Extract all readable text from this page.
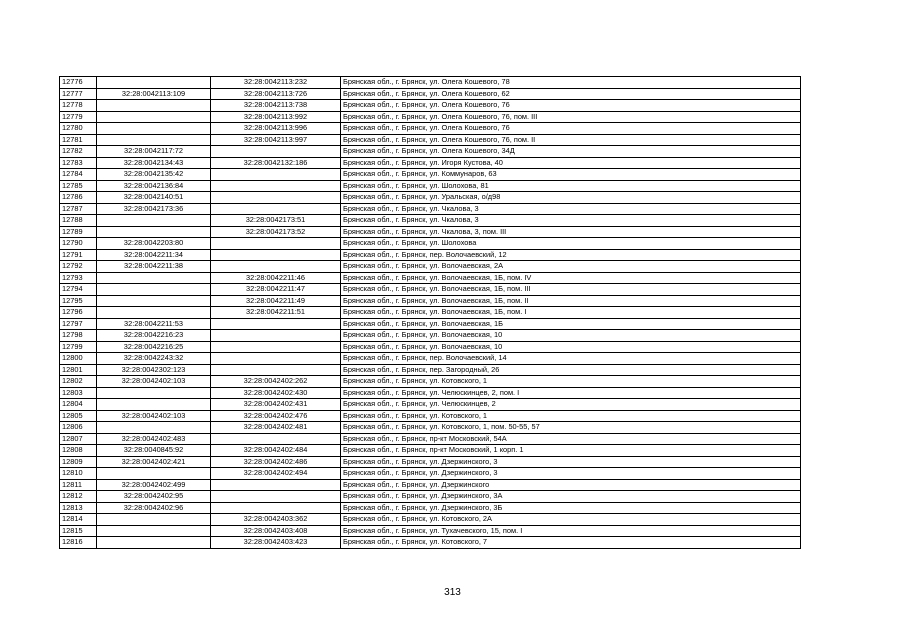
12776		32:28:0042113:232	Брянская обл., г. Брянск, ул. Олега Кошевого, 78
12777	32:28:0042113:109	32:28:0042113:726	Брянская обл., г. Брянск, ул. Олега Кошевого, 62
12778		32:28:0042113:738	Брянская обл., г. Брянск, ул. Олега Кошевого, 76
12779		32:28:0042113:992	Брянская обл., г. Брянск, ул. Олега Кошевого, 76, пом. III
12780		32:28:0042113:996	Брянская обл., г. Брянск, ул. Олега Кошевого, 76
12781		32:28:0042113:997	Брянская обл., г. Брянск, ул. Олега Кошевого, 76, пом. II
12782	32:28:0042117:72		Брянская обл., г. Брянск, ул. Олега Кошевого, 34Д
12783	32:28:0042134:43	32:28:0042132:186	Брянская обл., г. Брянск, ул. Игоря Кустова, 40
12784	32:28:0042135:42		Брянская обл., г. Брянск, ул. Коммунаров, 63
12785	32:28:0042136:84		Брянская обл., г. Брянск, ул. Шолохова, 81
12786	32:28:0042140:51		Брянская обл., г. Брянск, ул. Уральская, о/д98
12787	32:28:0042173:36		Брянская обл., г. Брянск, ул. Чкалова, 3
12788		32:28:0042173:51	Брянская обл., г. Брянск, ул. Чкалова, 3
12789		32:28:0042173:52	Брянская обл., г. Брянск, ул. Чкалова, 3, пом. III
12790	32:28:0042203:80		Брянская обл., г. Брянск, ул. Шолохова
12791	32:28:0042211:34		Брянская обл., г. Брянск, пер. Волочаевский, 12
12792	32:28:0042211:38		Брянская обл., г. Брянск, ул. Волочаевская, 2А
12793		32:28:0042211:46	Брянская обл., г. Брянск, ул. Волочаевская, 1Б, пом. IV
12794		32:28:0042211:47	Брянская обл., г. Брянск, ул. Волочаевская, 1Б, пом. III
12795		32:28:0042211:49	Брянская обл., г. Брянск, ул. Волочаевская, 1Б, пом. II
12796		32:28:0042211:51	Брянская обл., г. Брянск, ул. Волочаевская, 1Б, пом. I
12797	32:28:0042211:53		Брянская обл., г. Брянск, ул. Волочаевская, 1Б
12798	32:28:0042216:23		Брянская обл., г. Брянск, ул. Волочаевская, 10
12799	32:28:0042216:25		Брянская обл., г. Брянск, ул. Волочаевская, 10
12800	32:28:0042243:32		Брянская обл., г. Брянск, пер. Волочаевский, 14
12801	32:28:0042302:123		Брянская обл., г. Брянск, пер. Загородный, 26
12802	32:28:0042402:103	32:28:0042402:262	Брянская обл., г. Брянск, ул. Котовского, 1
12803		32:28:0042402:430	Брянская обл., г. Брянск, ул. Челюскинцев, 2, пом. I
12804		32:28:0042402:431	Брянская обл., г. Брянск, ул. Челюскинцев, 2
12805	32:28:0042402:103	32:28:0042402:476	Брянская обл., г. Брянск, ул. Котовского, 1
12806		32:28:0042402:481	Брянская обл., г. Брянск, ул. Котовского, 1, пом. 50-55, 57
12807	32:28:0042402:483		Брянская обл., г. Брянск, пр-кт Московский, 54А
12808	32:28:0040845:92	32:28:0042402:484	Брянская обл., г. Брянск, пр-кт Московский, 1 корп. 1
12809	32:28:0042402:421	32:28:0042402:486	Брянская обл., г. Брянск, ул. Дзержинского, 3
12810		32:28:0042402:494	Брянская обл., г. Брянск, ул. Дзержинского, 3
12811	32:28:0042402:499		Брянская обл., г. Брянск, ул. Дзержинского
12812	32:28:0042402:95		Брянская обл., г. Брянск, ул. Дзержинского, 3А
12813	32:28:0042402:96		Брянская обл., г. Брянск, ул. Дзержинского, 3Б
12814		32:28:0042403:362	Брянская обл., г. Брянск, ул. Котовского, 2А
12815		32:28:0042403:408	Брянская обл., г. Брянск, ул. Тухачевского, 15, пом. I
12816		32:28:0042403:423	Брянская обл., г. Брянск, ул. Котовского, 7
313
